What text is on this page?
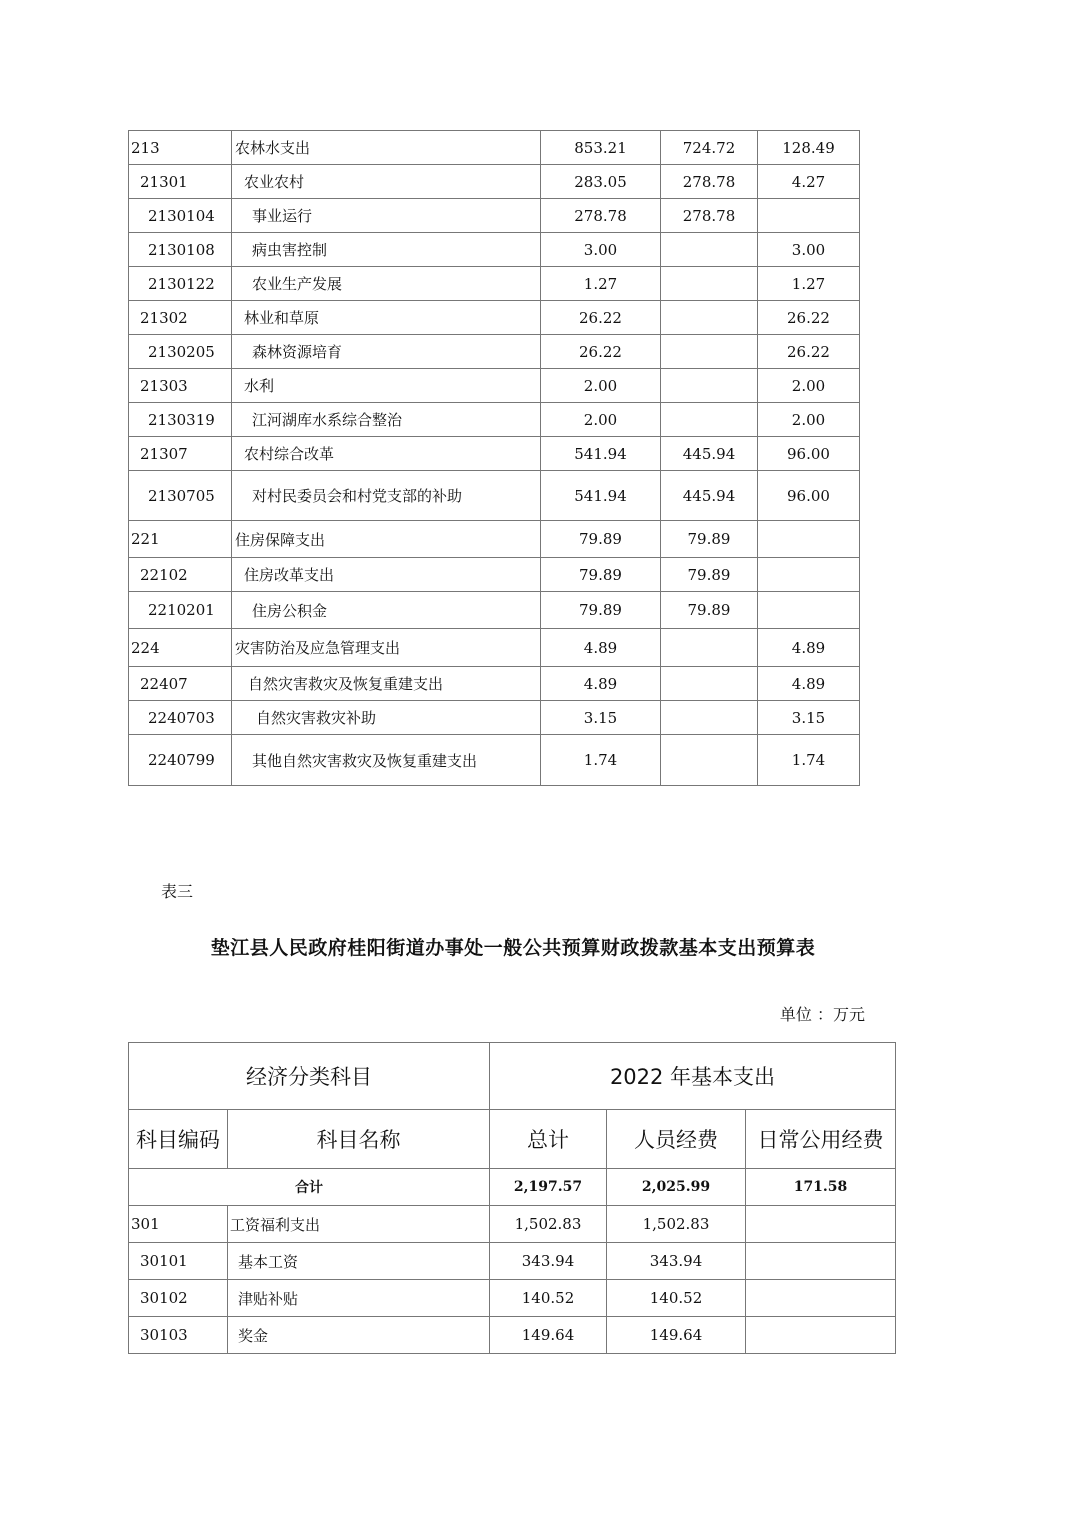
213	农林水支出	853.21	724.72	128.49
21301	农业农村	283.05	278.78	4.27
2130104	事业运行	278.78	278.78	
2130108	病虫害控制	3.00		3.00
2130122	农业生产发展	1.27		1.27
21302	林业和草原	26.22		26.22
2130205	森林资源培育	26.22		26.22
21303	水利	2.00		2.00
2130319	江河湖库水系综合整治	2.00		2.00
21307	农村综合改革	541.94	445.94	96.00
2130705	对村民委员会和村党支部的补助	541.94	445.94	96.00
221	住房保障支出	79.89	79.89	
22102	住房改革支出	79.89	79.89	
2210201	住房公积金	79.89	79.89	
224	灾害防治及应急管理支出	4.89		4.89
22407	自然灾害救灾及恢复重建支出	4.89		4.89
2240703	自然灾害救灾补助	3.15		3.15
2240799	其他自然灾害救灾及恢复重建支出	1.74		1.74
表三
垫江县人民政府桂阳街道办事处一般公共预算财政拨款基本支出预算表
单位 ：万元
经济分类科目		2022 年基本支出		
科目编码	科目名称	总计	人员经费	日常公用经费
合计		2,197.57	2,025.99	171.58
301	工资福利支出	1,502.83	1,502.83	
30101	基本工资	343.94	343.94	
30102	津贴补贴	140.52	140.52	
30103	奖金	149.64	149.64	
